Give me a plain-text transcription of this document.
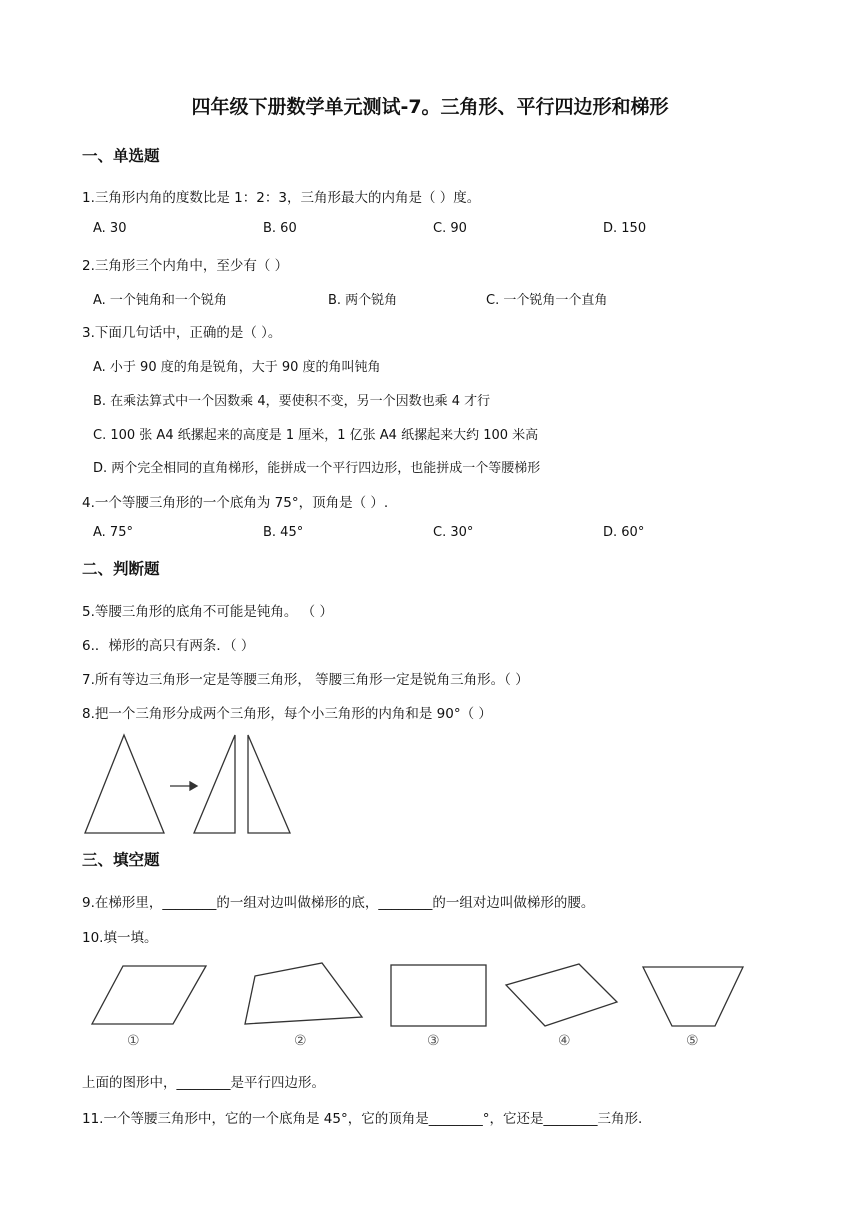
四年级下册数学单元测试-7。三角形、平行四边形和梯形
一、单选题
1.三角形内角的度数比是 1：2：3，三角形最大的内角是（ ）度。
A. 30	B. 60	C. 90	D. 150
2.三角形三个内角中，至少有（ ）
A. 一个钝角和一个锐角	B. 两个锐角	C. 一个锐角一个直角
3.下面几句话中，正确的是（ ）。
A. 小于 90 度的角是锐角，大于 90 度的角叫钝角
B. 在乘法算式中一个因数乘 4，要使积不变，另一个因数也乘 4 才行
C. 100 张 A4 纸摞起来的高度是 1 厘米，1 亿张 A4 纸摞起来大约 100 米高
D. 两个完全相同的直角梯形，能拼成一个平行四边形，也能拼成一个等腰梯形
4.一个等腰三角形的一个底角为 75°，顶角是（ ）.
A. 75°	B. 45°	C. 30°	D. 60°
二、判断题
5.等腰三角形的底角不可能是钝角。 （ ）
6.．梯形的高只有两条．（ ）
7.所有等边三角形一定是等腰三角形， 等腰三角形一定是锐角三角形。（ ）
8.把一个三角形分成两个三角形，每个小三角形的内角和是 90°（ ）
三、填空题
9.在梯形里，________的一组对边叫做梯形的底，________的一组对边叫做梯形的腰。
10.填一填。
①	②	③	④	⑤
上面的图形中，________是平行四边形。
11.一个等腰三角形中，它的一个底角是 45°，它的顶角是________°，它还是________三角形.
